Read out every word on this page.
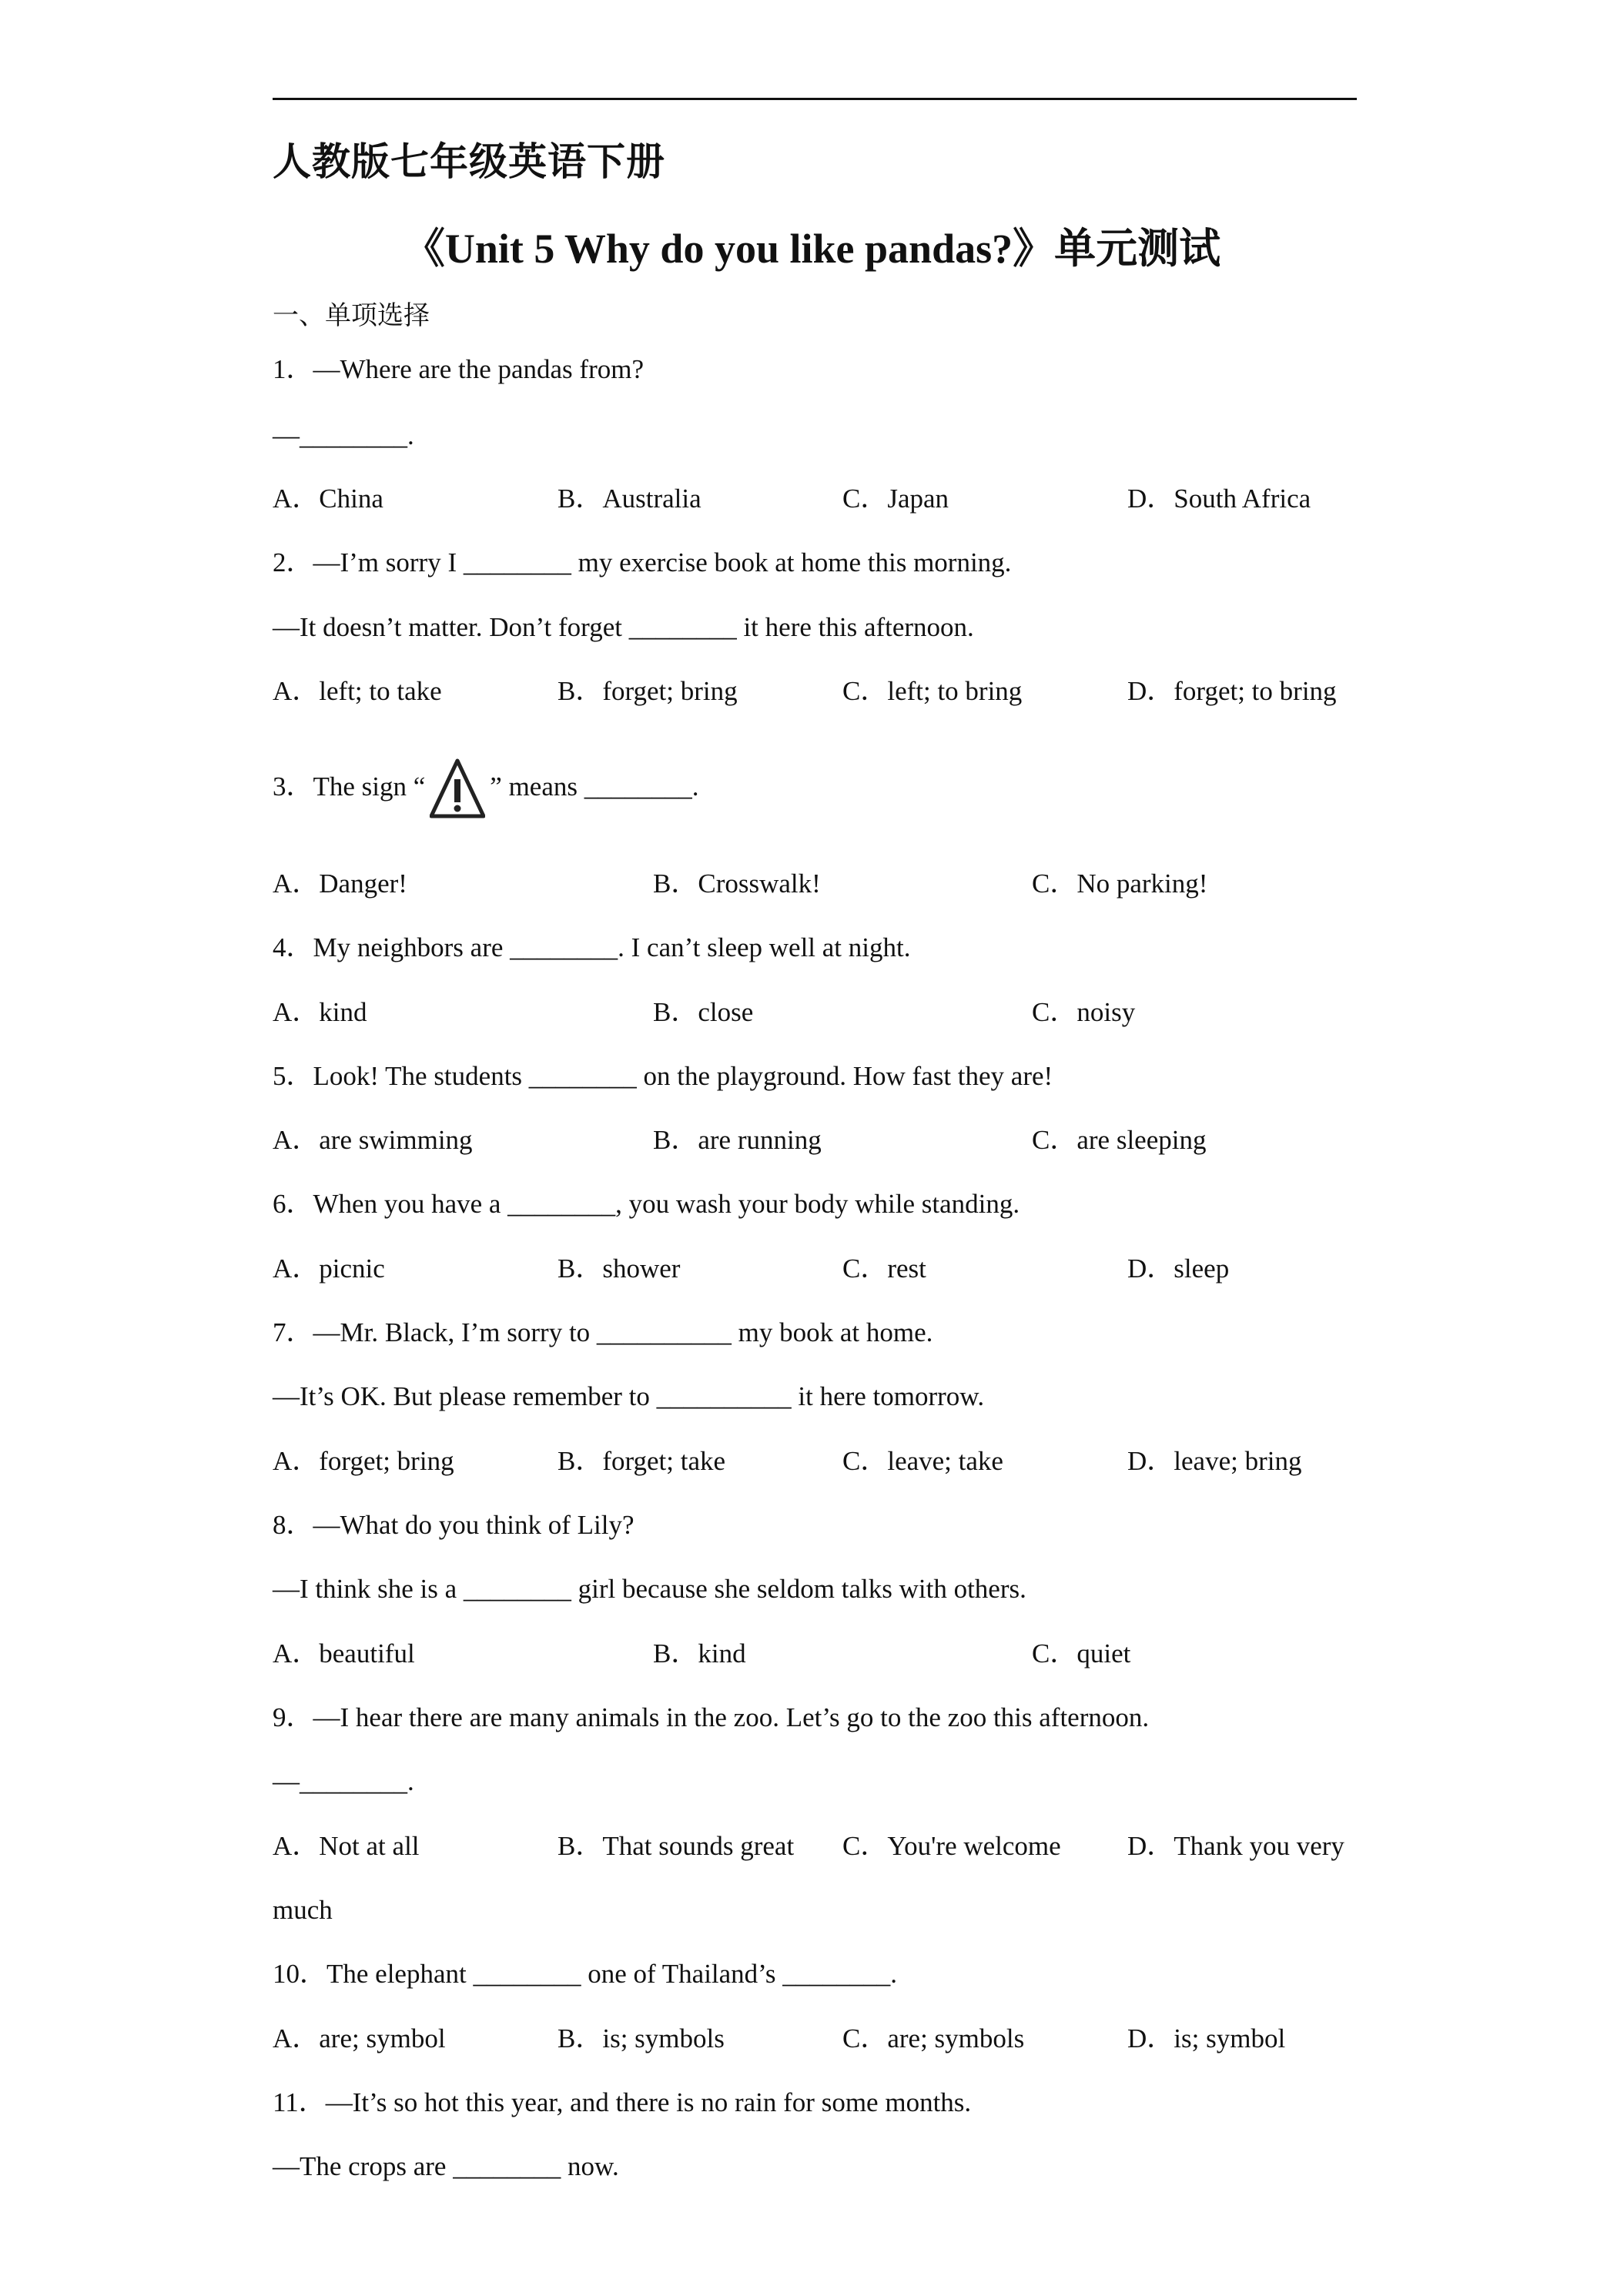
人教版七年级英语下册
《Unit 5 Why do you like pandas?》单元测试
一、单项选择
1．—Where are the pandas from?
—________.
A．China	B．Australia	C．Japan	D．South Africa
2．—I’m sorry I ________ my exercise book at home this morning.
—It doesn’t matter. Don’t forget ________ it here this afternoon.
A．left; to take	B．forget; bring	C．left; to bring	D．forget; to bring
3．The sign “ ” means ________.
A．Danger!	B．Crosswalk!	C．No parking!
4．My neighbors are ________. I can’t sleep well at night.
A．kind	B．close	C．noisy
5．Look! The students ________ on the playground. How fast they are!
A．are swimming	B．are running	C．are sleeping
6．When you have a ________, you wash your body while standing.
A．picnic	B．shower	C．rest	D．sleep
7．—Mr. Black, I’m sorry to __________ my book at home.
—It’s OK. But please remember to __________ it here tomorrow.
A．forget; bring	B．forget; take	C．leave; take	D．leave; bring
8．—What do you think of Lily?
—I think she is a ________ girl because she seldom talks with others.
A．beautiful	B．kind	C．quiet
9．—I hear there are many animals in the zoo. Let’s go to the zoo this afternoon.
—________.
A．Not at all	B．That sounds great C．You're welcome D．Thank you very
much
10．The elephant ________ one of Thailand’s ________.
A．are; symbol	B．is; symbols	C．are; symbols	D．is; symbol
11．—It’s so hot this year, and there is no rain for some months.
—The crops are ________ now.
